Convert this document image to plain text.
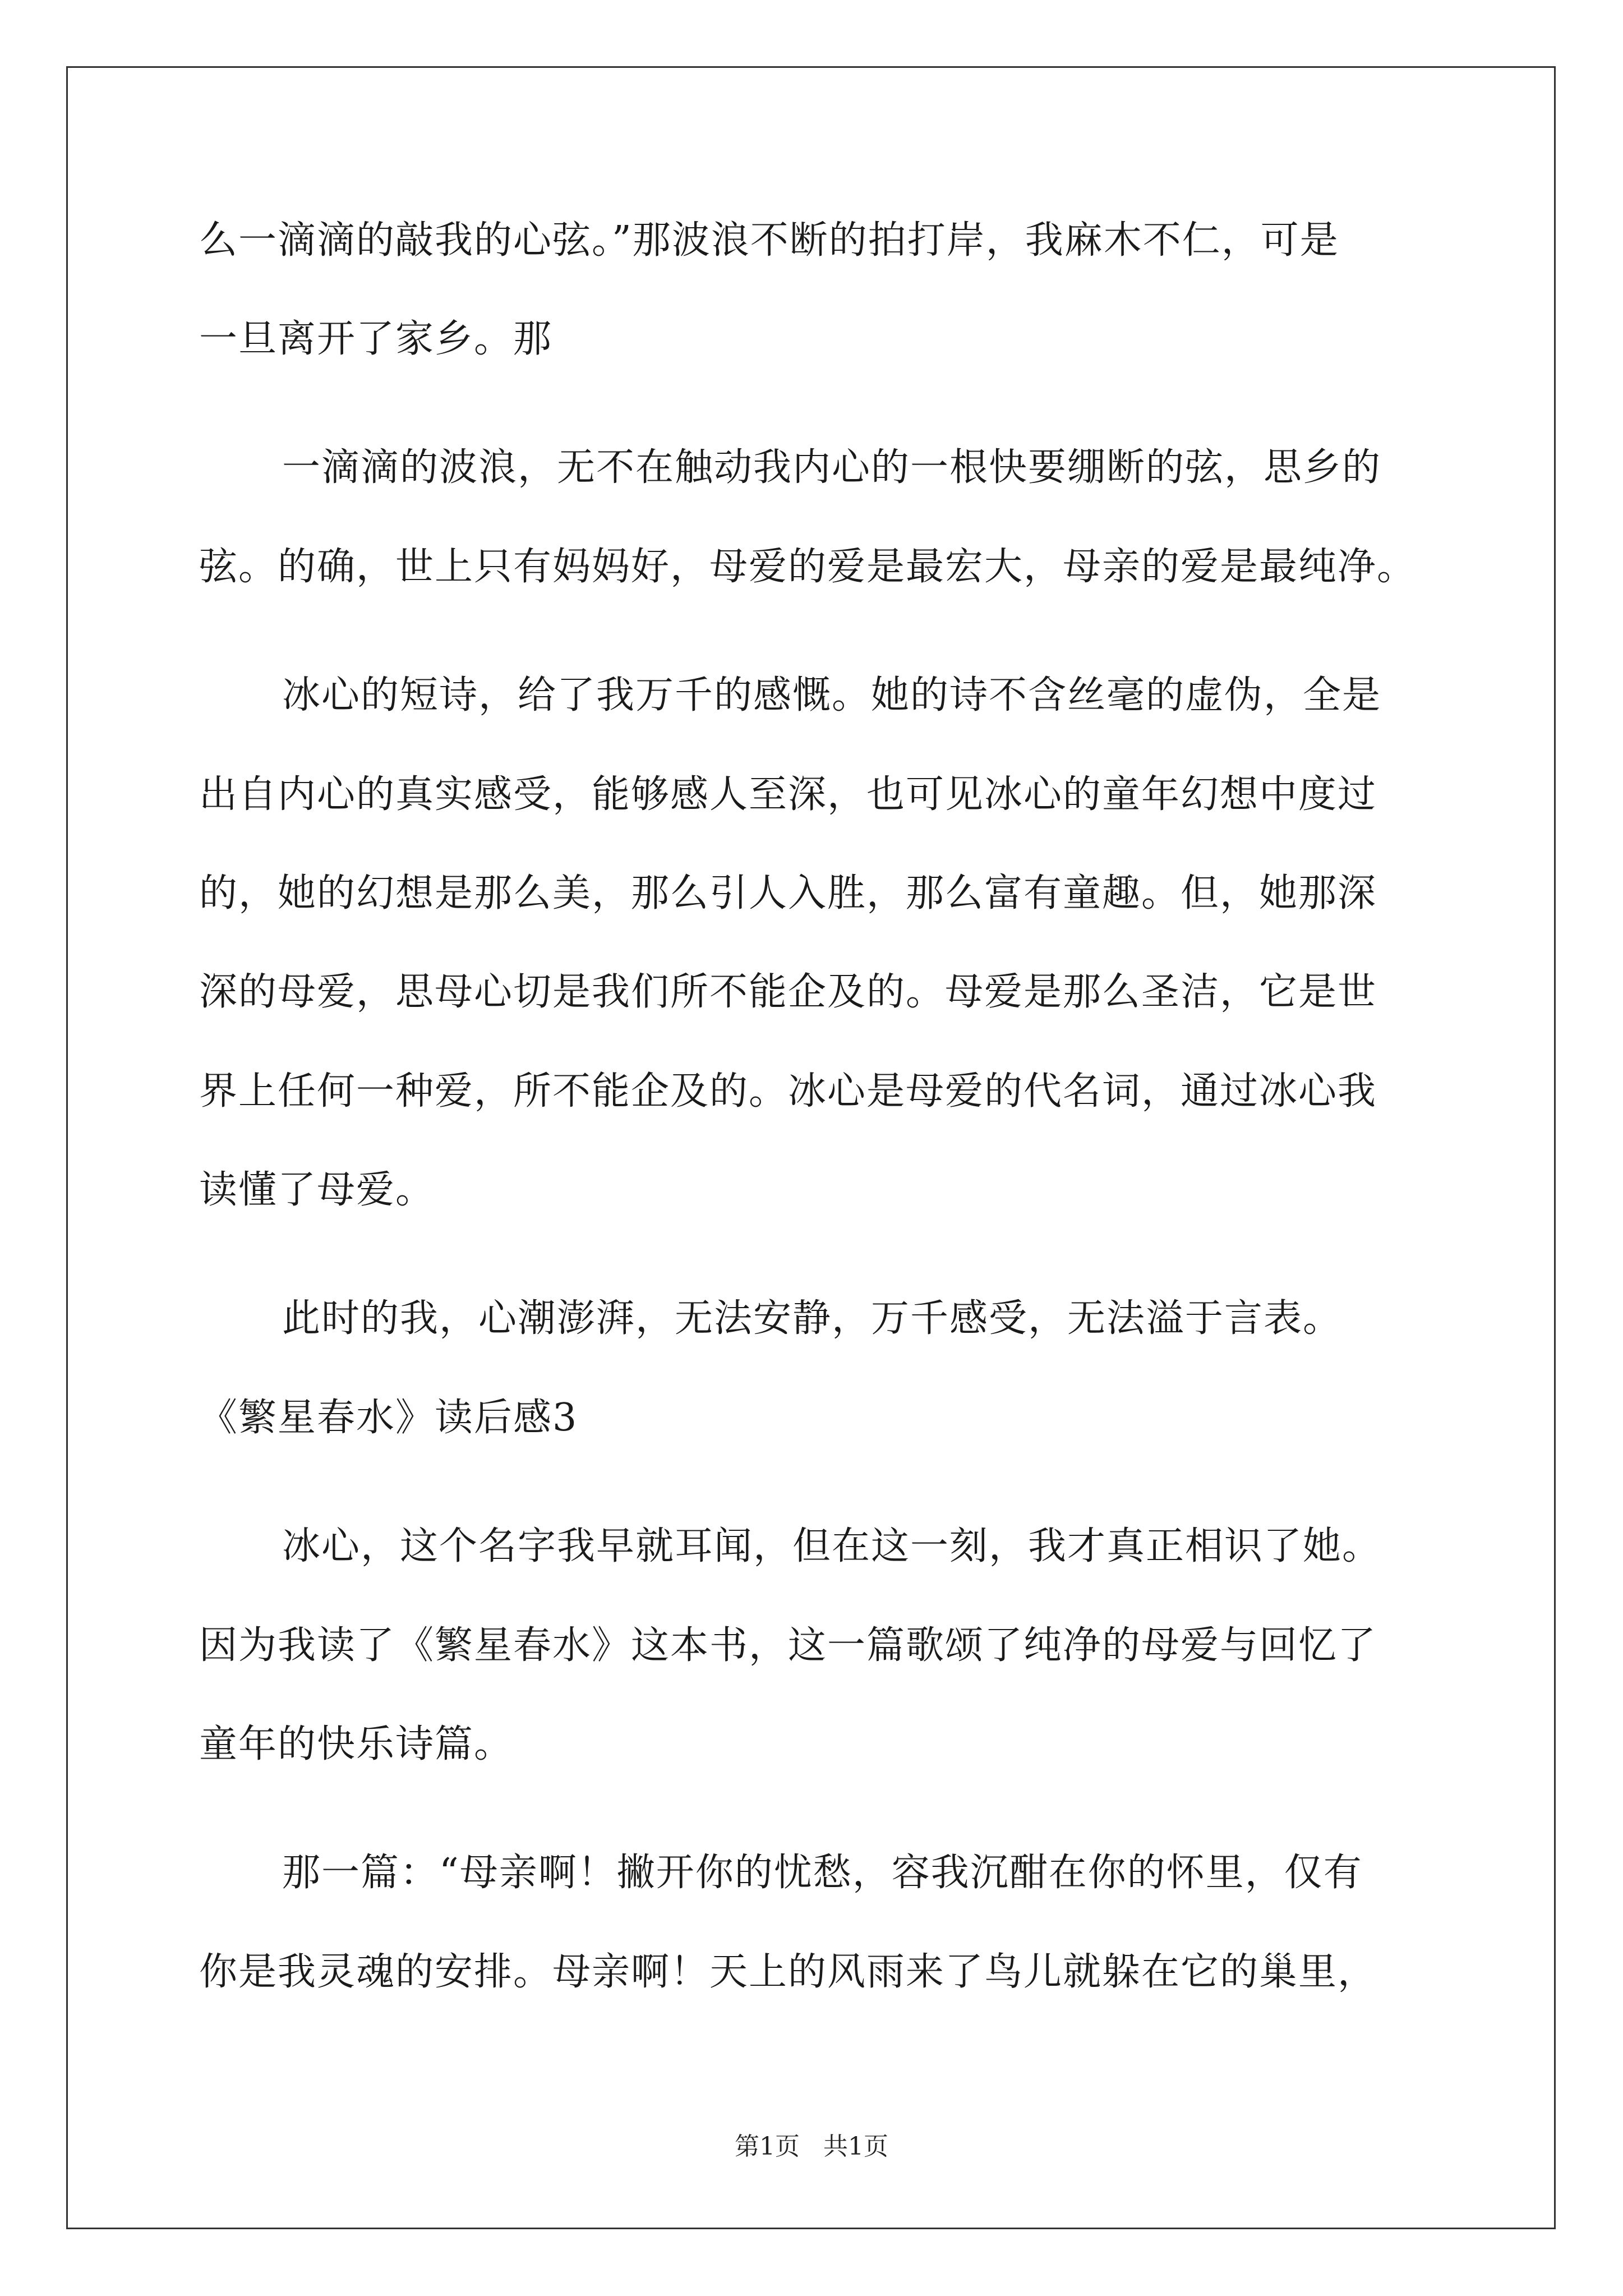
么一滴滴的敲我的心弦。”那波浪不断的拍打岸，我麻木不仁，可是
一旦离开了家乡。那
一滴滴的波浪，无不在触动我内心的一根快要绷断的弦，思乡的
弦。的确，世上只有妈妈好，母爱的爱是最宏大，母亲的爱是最纯净。
冰心的短诗，给了我万千的感慨。她的诗不含丝毫的虚伪，全是
出自内心的真实感受，能够感人至深，也可见冰心的童年幻想中度过
的，她的幻想是那么美，那么引人入胜，那么富有童趣。但，她那深
深的母爱，思母心切是我们所不能企及的。母爱是那么圣洁，它是世
界上任何一种爱，所不能企及的。冰心是母爱的代名词，通过冰心我
读懂了母爱。
此时的我，心潮澎湃，无法安静，万千感受，无法溢于言表。
《繁星春水》读后感3
冰心，这个名字我早就耳闻，但在这一刻，我才真正相识了她。
因为我读了《繁星春水》这本书，这一篇歌颂了纯净的母爱与回忆了
童年的快乐诗篇。
那一篇：“母亲啊！撇开你的忧愁，容我沉酣在你的怀里，仅有
你是我灵魂的安排。母亲啊！天上的风雨来了鸟儿就躲在它的巢里，
第1页   共1页
